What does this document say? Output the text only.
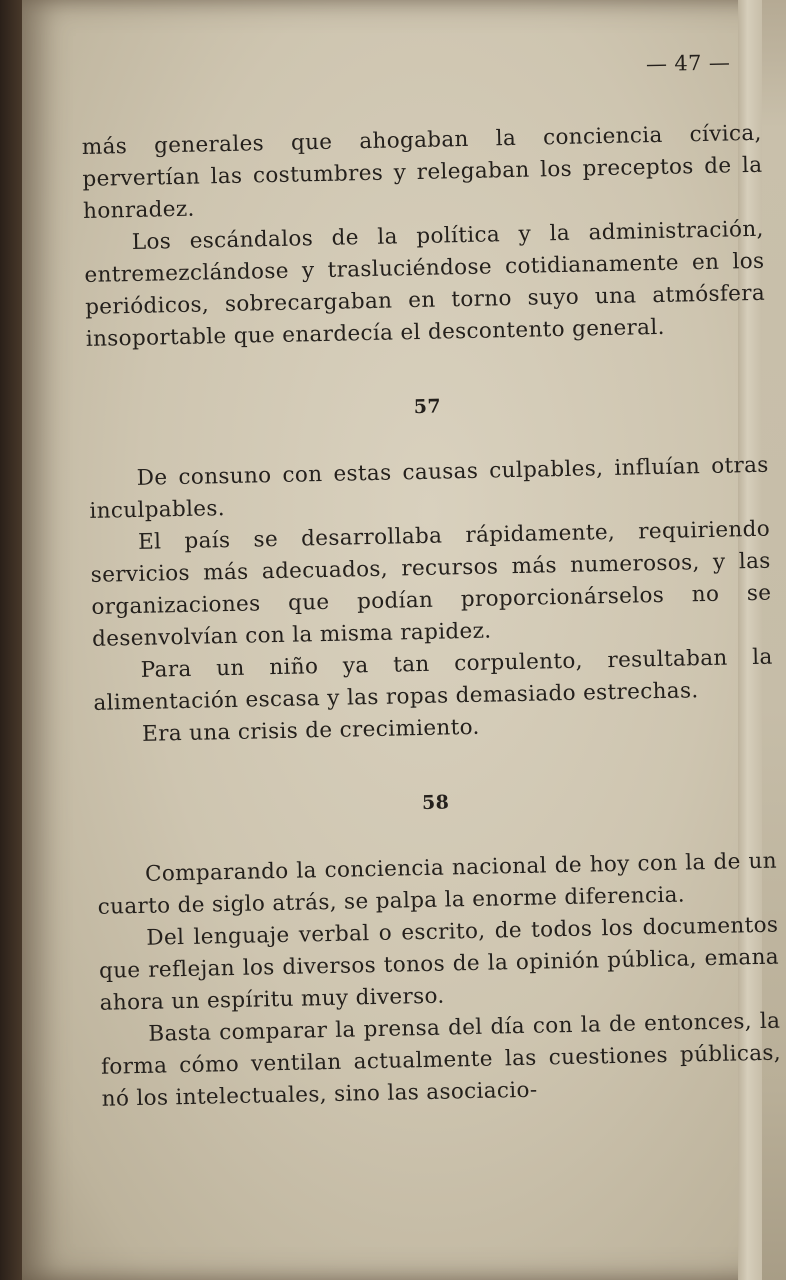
— 47 —

más generales que ahogaban la conciencia cívica, pervertían las costumbres y relegaban los preceptos de la honradez.

Los escándalos de la política y la administración, entremezclándose y trasluciéndose cotidianamente en los periódicos, sobrecargaban en torno suyo una atmósfera insoportable que enardecía el descontento general.

57

De consuno con estas causas culpables, influían otras inculpables.

El país se desarrollaba rápidamente, requiriendo servicios más adecuados, recursos más numerosos, y las organizaciones que podían proporcionárselos no se desenvolvían con la misma rapidez.

Para un niño ya tan corpulento, resultaban la alimentación escasa y las ropas demasiado estrechas.

Era una crisis de crecimiento.

58

Comparando la conciencia nacional de hoy con la de un cuarto de siglo atrás, se palpa la enorme diferencia.

Del lenguaje verbal o escrito, de todos los documentos que reflejan los diversos tonos de la opinión pública, emana ahora un espíritu muy diverso.

Basta comparar la prensa del día con la de entonces, la forma cómo ventilan actualmente las cuestiones públicas, nó los intelectuales, sino las asociacio-
